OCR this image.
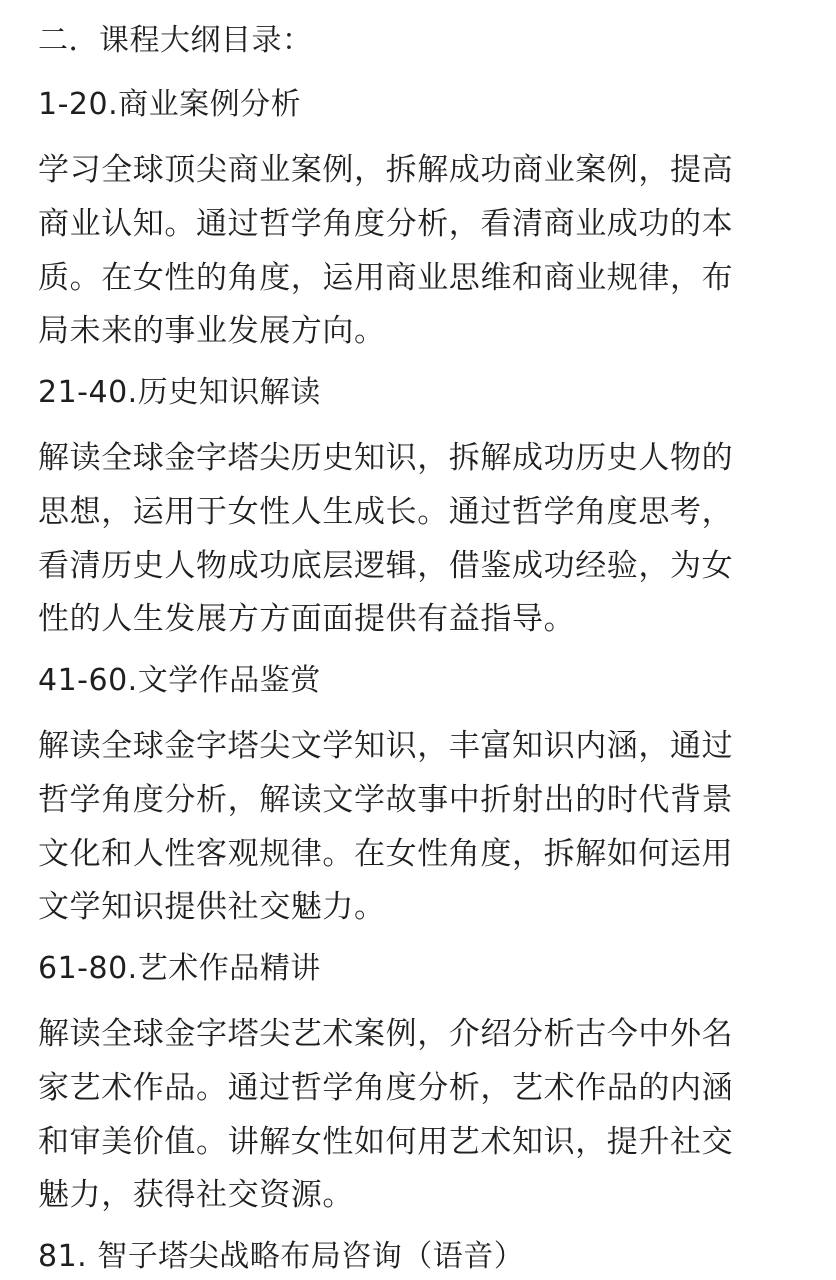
二．课程大纲目录：

1-20.商业案例分析

学习全球顶尖商业案例，拆解成功商业案例，提高

商业认知。通过哲学角度分析，看清商业成功的本

质。在女性的角度，运用商业思维和商业规律，布

局未来的事业发展方向。

21-40.历史知识解读

解读全球金字塔尖历史知识，拆解成功历史人物的

思想，运用于女性人生成长。通过哲学角度思考，

看清历史人物成功底层逻辑，借鉴成功经验，为女

性的人生发展方方面面提供有益指导。

41-60.文学作品鉴赏

解读全球金字塔尖文学知识，丰富知识内涵，通过

哲学角度分析，解读文学故事中折射出的时代背景

文化和人性客观规律。在女性角度，拆解如何运用

文学知识提供社交魅力。

61-80.艺术作品精讲

解读全球金字塔尖艺术案例，介绍分析古今中外名

家艺术作品。通过哲学角度分析，艺术作品的内涵

和审美价值。讲解女性如何用艺术知识，提升社交

魅力，获得社交资源。

81. 智子塔尖战略布局咨询（语音）
